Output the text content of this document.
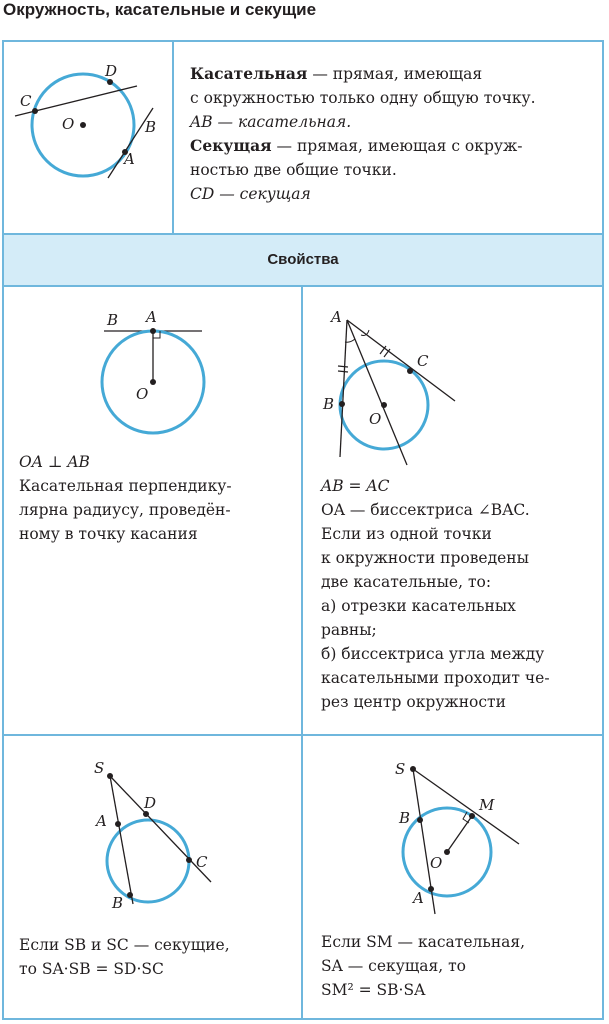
Окружность, касательные и секущие
Свойства
C
D
O	B
A

Касательная — прямая, имеющая

с окружностью только одну общую точку.

AB — касательная.

Секущая — прямая, имеющая с окруж-

ностью две общие точки.

CD — секущая

B A
O

OA ⊥ AB

Касательная перпендику-

лярна радиусу, проведён-

ному в точку касания

A
C
B
O

AB = AC

OA — биссектриса ∠BAC.

Если из одной точки

к окружности проведены

две касательные, то:

а) отрезки касательных

равны;

б) биссектриса угла между

касательными проходит че-

рез центр окружности

S
D
A
C
B

Если SB и SC — секущие,

то SA·SB = SD·SC

S
M
B
O
A

Если SM — касательная,

SA — секущая, то

SM² = SB·SA
